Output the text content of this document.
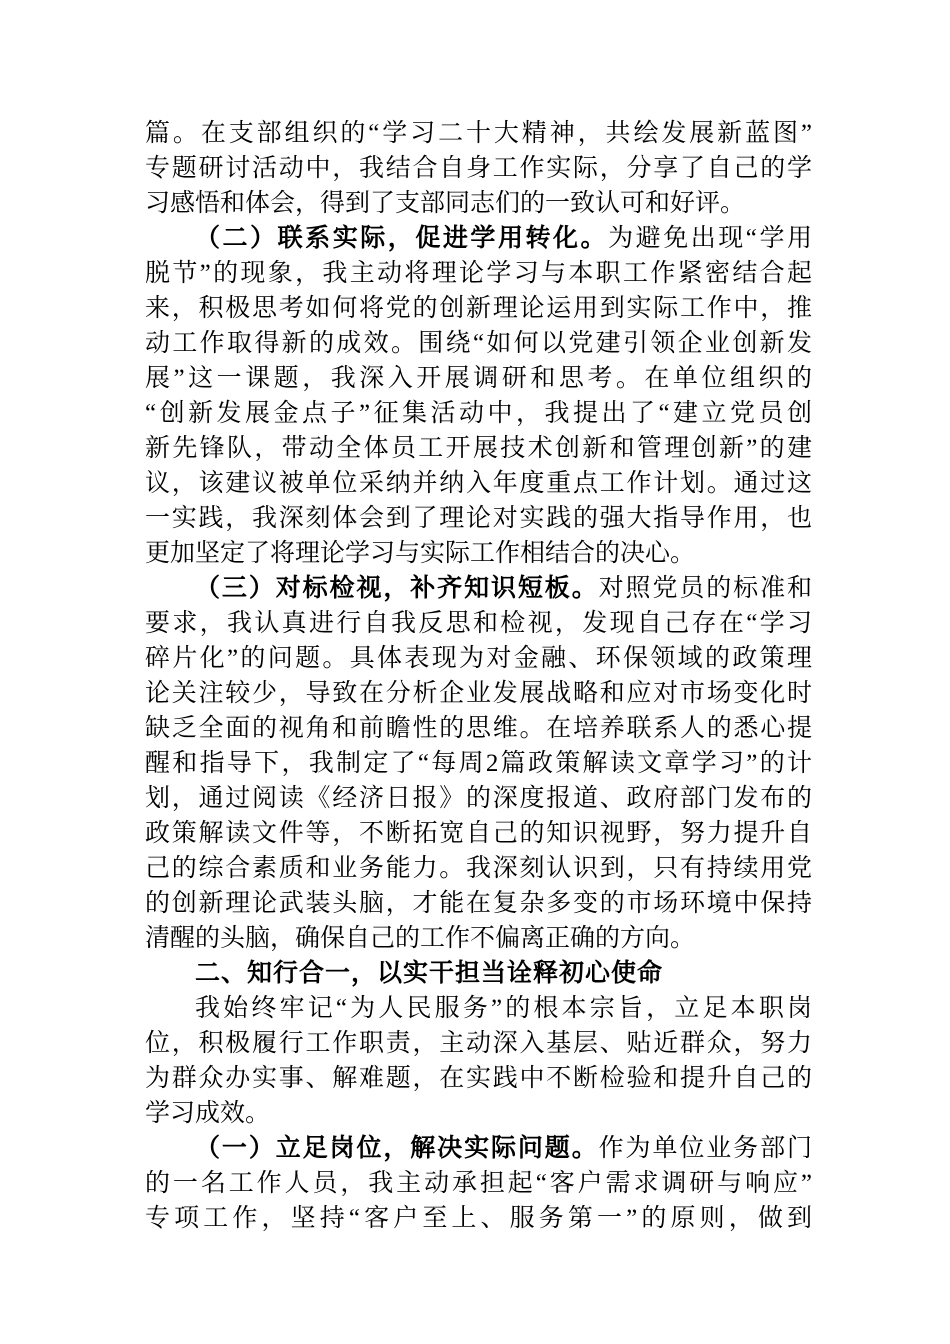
篇。在支部组织的“学习二十大精神，共绘发展新蓝图”
专题研讨活动中，我结合自身工作实际，分享了自己的学
习感悟和体会，得到了支部同志们的一致认可和好评。
（二）联系实际，促进学用转化。为避免出现“学用
脱节”的现象，我主动将理论学习与本职工作紧密结合起
来，积极思考如何将党的创新理论运用到实际工作中，推
动工作取得新的成效。围绕“如何以党建引领企业创新发
展”这一课题，我深入开展调研和思考。在单位组织的
“创新发展金点子”征集活动中，我提出了“建立党员创
新先锋队，带动全体员工开展技术创新和管理创新”的建
议，该建议被单位采纳并纳入年度重点工作计划。通过这
一实践，我深刻体会到了理论对实践的强大指导作用，也
更加坚定了将理论学习与实际工作相结合的决心。
（三）对标检视，补齐知识短板。对照党员的标准和
要求，我认真进行自我反思和检视，发现自己存在“学习
碎片化”的问题。具体表现为对金融、环保领域的政策理
论关注较少，导致在分析企业发展战略和应对市场变化时
缺乏全面的视角和前瞻性的思维。在培养联系人的悉心提
醒和指导下，我制定了“每周2篇政策解读文章学习”的计
划，通过阅读《经济日报》的深度报道、政府部门发布的
政策解读文件等，不断拓宽自己的知识视野，努力提升自
己的综合素质和业务能力。我深刻认识到，只有持续用党
的创新理论武装头脑，才能在复杂多变的市场环境中保持
清醒的头脑，确保自己的工作不偏离正确的方向。
二、知行合一，以实干担当诠释初心使命
我始终牢记“为人民服务”的根本宗旨，立足本职岗
位，积极履行工作职责，主动深入基层、贴近群众，努力
为群众办实事、解难题，在实践中不断检验和提升自己的
学习成效。
（一）立足岗位，解决实际问题。作为单位业务部门
的一名工作人员，我主动承担起“客户需求调研与响应”
专项工作，坚持“客户至上、服务第一”的原则，做到
